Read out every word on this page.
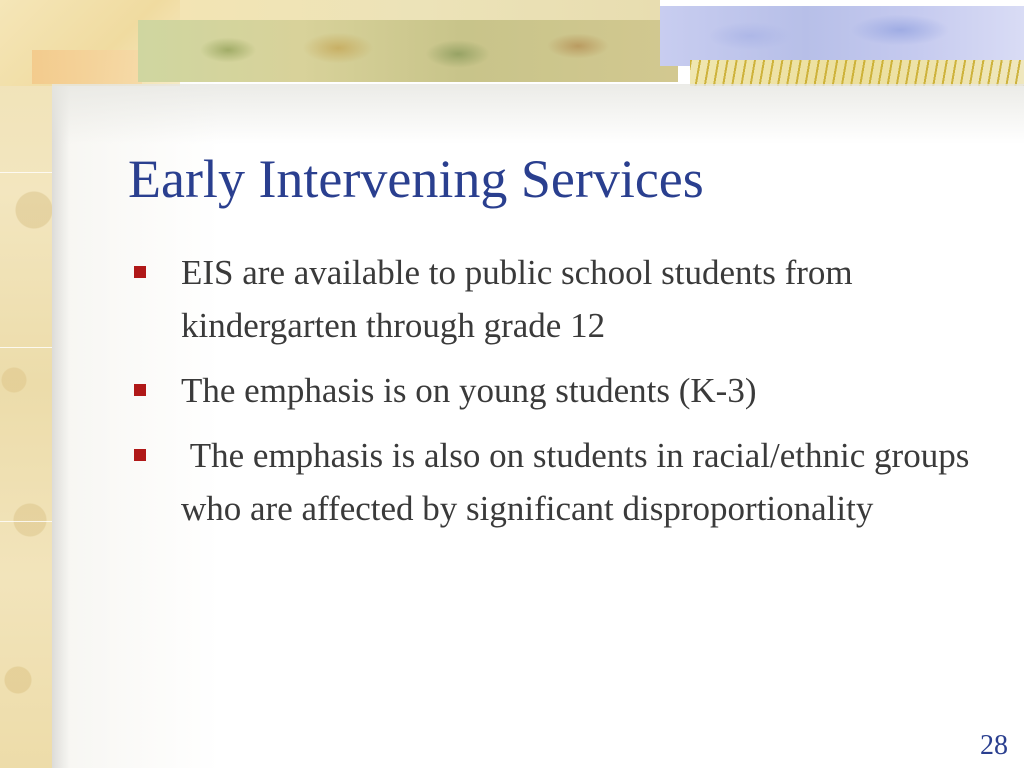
Early Intervening Services
EIS are available to public school students from kindergarten through grade 12
The emphasis is on young students (K-3)
The emphasis is also on students in racial/ethnic groups who are affected by significant disproportionality
28
